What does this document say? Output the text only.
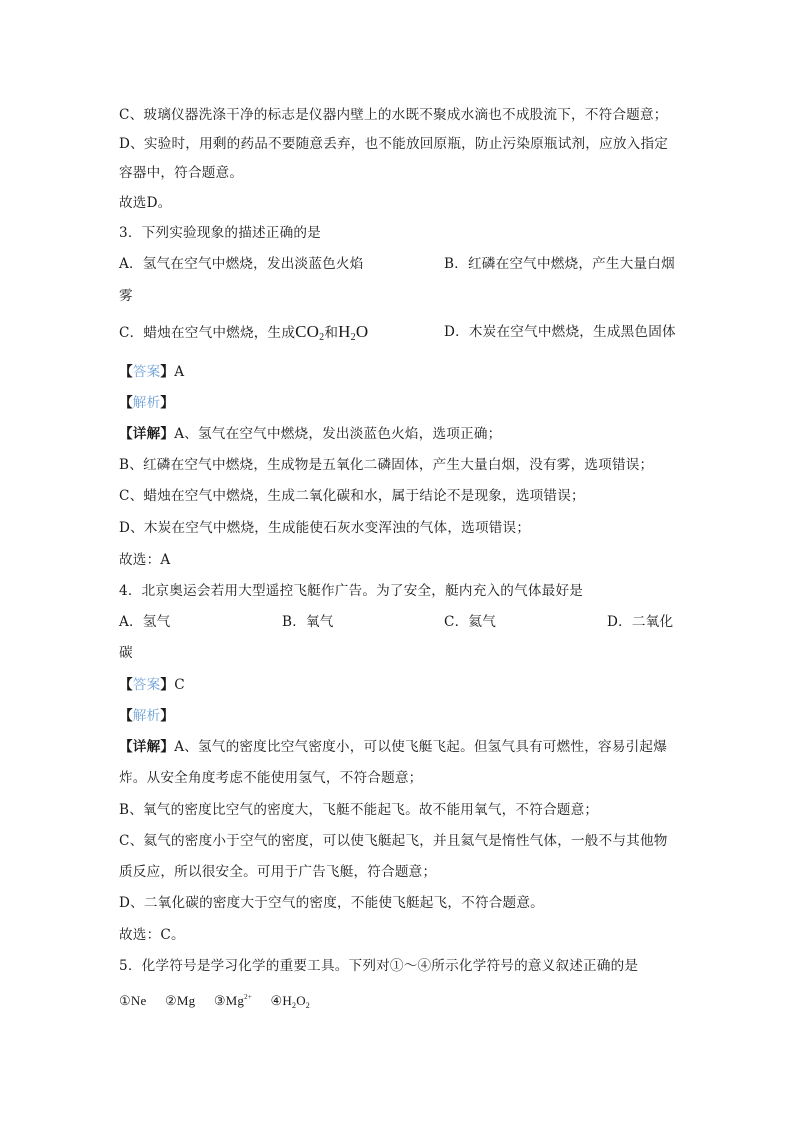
C、玻璃仪器洗涤干净的标志是仪器内壁上的水既不聚成水滴也不成股流下，不符合题意；
D、实验时，用剩的药品不要随意丢弃，也不能放回原瓶，防止污染原瓶试剂，应放入指定
容器中，符合题意。
故选D。
3．下列实验现象的描述正确的是
A．氢气在空气中燃烧，发出淡蓝色火焰	B．红磷在空气中燃烧，产生大量白烟
雾
C．蜡烛在空气中燃烧，生成$CO_2$和$H_2O$	D．木炭在空气中燃烧，生成黑色固体
【答案】A
【解析】
【详解】A、氢气在空气中燃烧，发出淡蓝色火焰，选项正确；
B、红磷在空气中燃烧，生成物是五氧化二磷固体，产生大量白烟，没有雾，选项错误；
C、蜡烛在空气中燃烧，生成二氧化碳和水，属于结论不是现象，选项错误；
D、木炭在空气中燃烧，生成能使石灰水变浑浊的气体，选项错误；
故选：A
4．北京奥运会若用大型遥控飞艇作广告。为了安全，艇内充入的气体最好是
A．氢气	B．氧气	C．氦气	D．二氧化
碳
【答案】C
【解析】
【详解】A、氢气的密度比空气密度小，可以使飞艇飞起。但氢气具有可燃性，容易引起爆
炸。从安全角度考虑不能使用氢气，不符合题意；
B、氧气的密度比空气的密度大，飞艇不能起飞。故不能用氧气，不符合题意；
C、氦气的密度小于空气的密度，可以使飞艇起飞，并且氦气是惰性气体，一般不与其他物
质反应，所以很安全。可用于广告飞艇，符合题意；
D、二氧化碳的密度大于空气的密度，不能使飞艇起飞，不符合题意。
故选：C。
5．化学符号是学习化学的重要工具。下列对①～④所示化学符号的意义叙述正确的是
①Ne ②Mg $③Mg^{2+}$ $④H_2O_2$
